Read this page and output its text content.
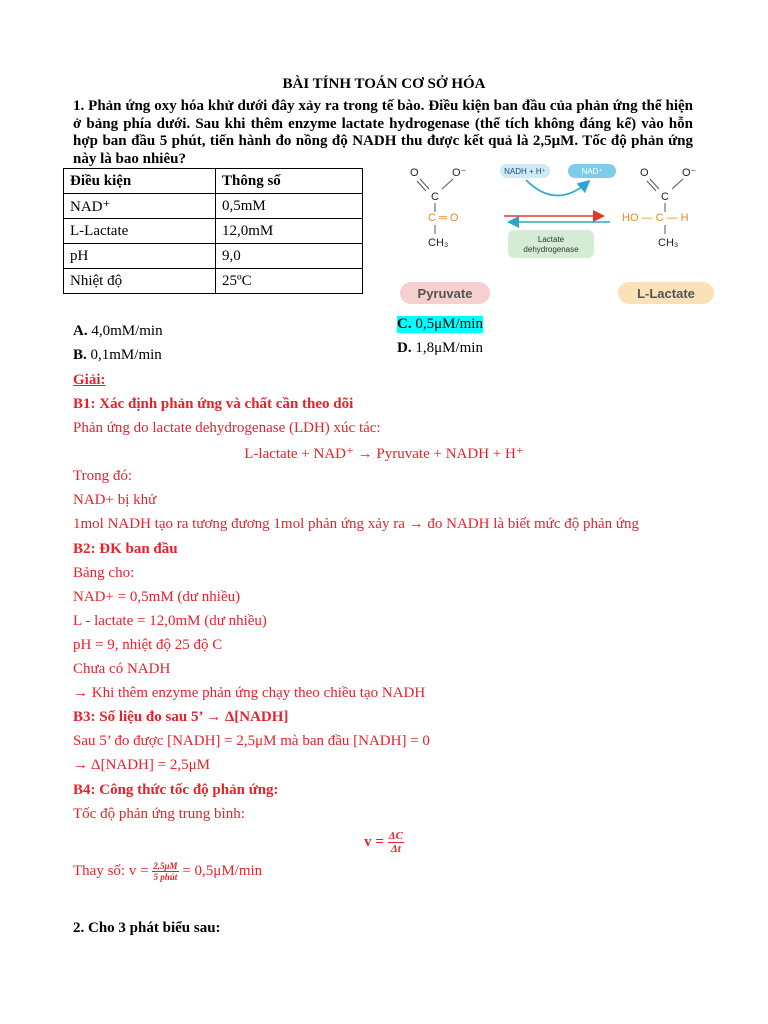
BÀI TÍNH TOÁN CƠ SỞ HÓA
1. Phản ứng oxy hóa khử dưới đây xảy ra trong tế bào. Điều kiện ban đầu của phản ứng thể hiện ở bảng phía dưới. Sau khi thêm enzyme lactate hydrogenase (thể tích không đáng kể) vào hỗn hợp ban đầu 5 phút, tiến hành đo nồng độ NADH thu được kết quả là 2,5μM. Tốc độ phản ứng này là bao nhiêu?
Điều kiện	Thông số
NAD⁺	0,5mM
L-Lactate	12,0mM
pH	9,0
Nhiệt độ	25ºC
O	O⁻
C
C ═ O
CH₃
NADH + H⁺	NAD⁺
Lactate
dehydrogenase
O	O⁻
C
HO — C — H
CH₃
Pyruvate	L-Lactate
A. 4,0mM/min
B. 0,1mM/min
C. 0,5μM/min
D. 1,8μM/min
Giải:
B1: Xác định phản ứng và chất cần theo dõi
Phản ứng do lactate dehydrogenase (LDH) xúc tác:
L-lactate + NAD⁺ → Pyruvate + NADH + H⁺
Trong đó:
NAD+ bị khử
1mol NADH tạo ra tương đương 1mol phản ứng xảy ra → đo NADH là biết mức độ phản ứng
B2: ĐK ban đầu
Bảng cho:
NAD+ = 0,5mM (dư nhiều)
L - lactate = 12,0mM (dư nhiều)
pH = 9, nhiệt độ 25 độ C
Chưa có NADH
→ Khi thêm enzyme phản ứng chạy theo chiều tạo NADH
B3: Số liệu đo sau 5’ → Δ[NADH]
Sau 5’ đo được [NADH] = 2,5μM mà ban đầu [NADH] = 0
→ Δ[NADH] = 2,5μM
B4: Công thức tốc độ phản ứng:
Tốc độ phản ứng trung bình:
$v = \frac{\Delta C}{\Delta t}$
Thay số: $v = \frac{2,5\mu M}{\text{5 phút}} = 0,5\mu M/\min$
2. Cho 3 phát biểu sau:
